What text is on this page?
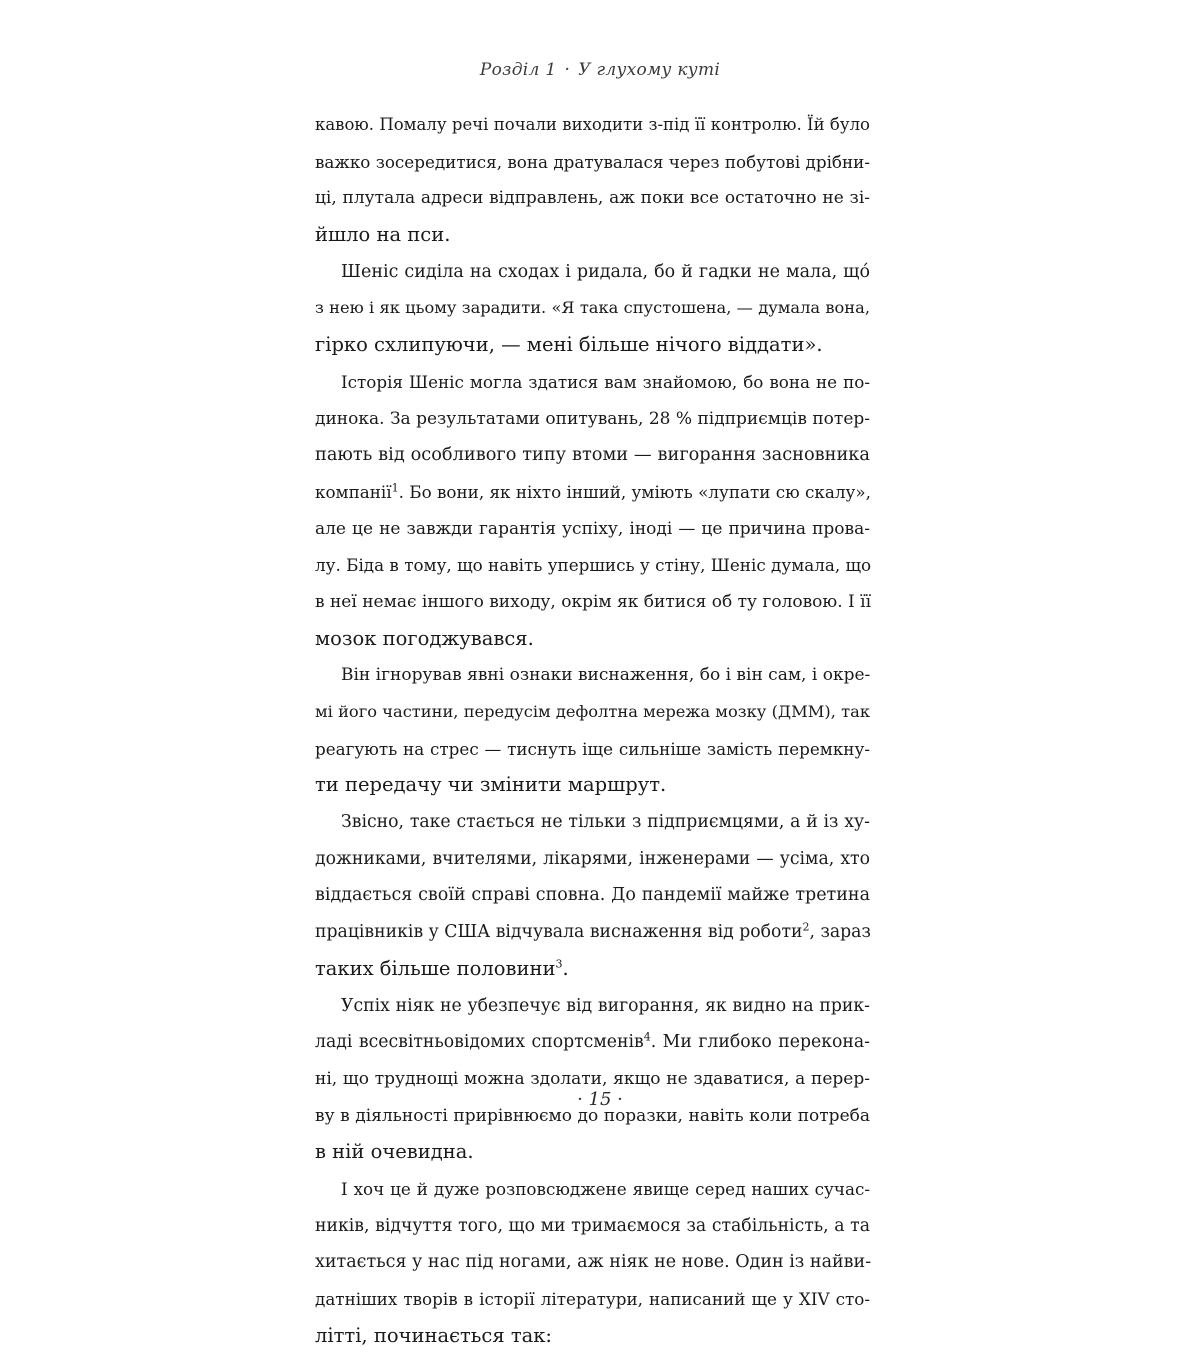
Розділ 1 · У глухому куті
кавою. Помалу речі почали виходити з-під її контролю. Їй було
важко зосередитися, вона дратувалася через побутові дрібни-
ці, плутала адреси відправлень, аж поки все остаточно не зі-
йшло на пси.
Шеніс сиділа на сходах і ридала, бо й гадки не мала, щó
з нею і як цьому зарадити. «Я така спустошена, — думала вона,
гірко схлипуючи, — мені більше нічого віддати».
Історія Шеніс могла здатися вам знайомою, бо вона не по-
динока. За результатами опитувань, 28 % підприємців потер-
пають від особливого типу втоми — вигорання засновника
компанії$^1$. Бо вони, як ніхто інший, уміють «лупати сю скалу»,
але це не завжди гарантія успіху, іноді — це причина прова-
лу. Біда в тому, що навіть упершись у стіну, Шеніс думала, що
в неї немає іншого виходу, окрім як битися об ту головою. І її
мозок погоджувався.
Він ігнорував явні ознаки виснаження, бо і він сам, і окре-
мі його частини, передусім дефолтна мережа мозку (ДММ), так
реагують на стрес — тиснуть іще сильніше замість перемкну-
ти передачу чи змінити маршрут.
Звісно, таке стається не тільки з підприємцями, а й із ху-
дожниками, вчителями, лікарями, інженерами — усіма, хто
віддається своїй справі сповна. До пандемії майже третина
працівників у США відчувала виснаження від роботи$^2$, зараз
таких більше половини$^3$.
Успіх ніяк не убезпечує від вигорання, як видно на прик-
ладі всесвітньовідомих спортсменів$^4$. Ми глибоко переконa-
ні, що труднощі можна здолати, якщо не здаватися, а перер-
ву в діяльності прирівнюємо до поразки, навіть коли потреба
в ній очевидна.
І хоч це й дуже розповсюджене явище серед наших сучас-
ників, відчуття того, що ми тримаємося за стабільність, а та
хитається у нас під ногами, аж ніяк не нове. Один із найви-
датніших творів в історії літератури, написаний ще у XIV сто-
літті, починається так:
· 15 ·
